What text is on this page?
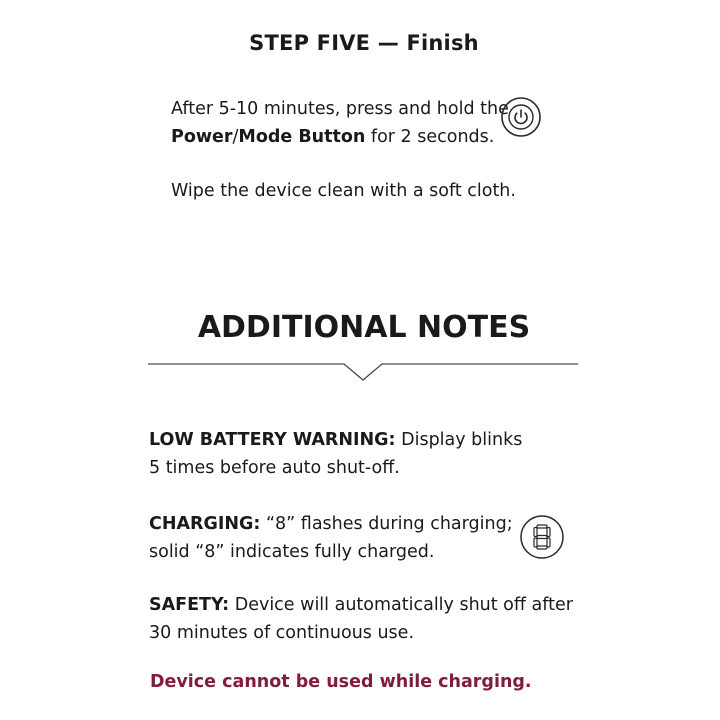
STEP FIVE — Finish
After 5-10 minutes, press and hold the
Power/Mode Button for 2 seconds.
Wipe the device clean with a soft cloth.
ADDITIONAL NOTES
LOW BATTERY WARNING: Display blinks
5 times before auto shut-off.
CHARGING: “8” flashes during charging;
solid “8” indicates fully charged.
SAFETY: Device will automatically shut off after
30 minutes of continuous use.
Device cannot be used while charging.
